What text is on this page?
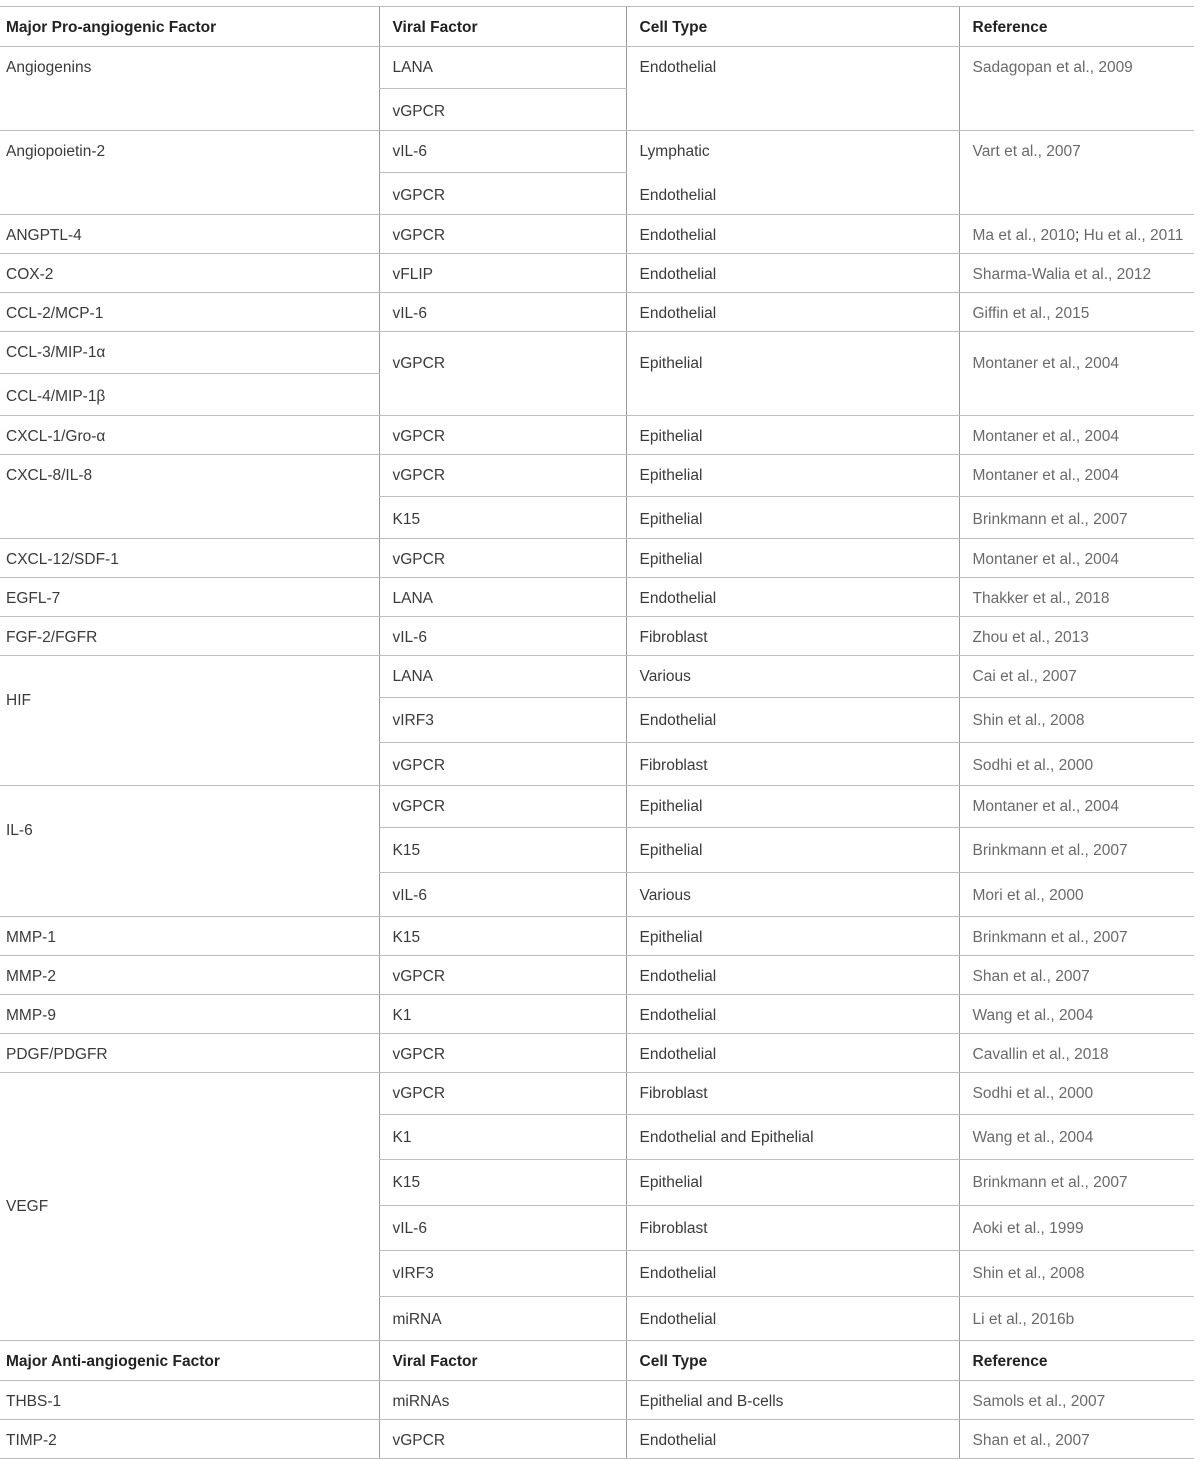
Major Pro-angiogenic Factor	Viral Factor	Cell Type	Reference
Angiogenins	LANA	Endothelial	Sadagopan et al., 2009
	vGPCR		
Angiopoietin-2	vIL-6	Lymphatic	Vart et al., 2007
	vGPCR	Endothelial	
ANGPTL-4	vGPCR	Endothelial	Ma et al., 2010; Hu et al., 2011
COX-2	vFLIP	Endothelial	Sharma-Walia et al., 2012
CCL-2/MCP-1	vIL-6	Endothelial	Giffin et al., 2015
CCL-3/MIP-1α	vGPCR	Epithelial	Montaner et al., 2004
CCL-4/MIP-1β			
CXCL-1/Gro-α	vGPCR	Epithelial	Montaner et al., 2004
CXCL-8/IL-8	vGPCR	Epithelial	Montaner et al., 2004
	K15	Epithelial	Brinkmann et al., 2007
CXCL-12/SDF-1	vGPCR	Epithelial	Montaner et al., 2004
EGFL-7	LANA	Endothelial	Thakker et al., 2018
FGF-2/FGFR	vIL-6	Fibroblast	Zhou et al., 2013
HIF	LANA	Various	Cai et al., 2007
	vIRF3	Endothelial	Shin et al., 2008
	vGPCR	Fibroblast	Sodhi et al., 2000
IL-6	vGPCR	Epithelial	Montaner et al., 2004
	K15	Epithelial	Brinkmann et al., 2007
	vIL-6	Various	Mori et al., 2000
MMP-1	K15	Epithelial	Brinkmann et al., 2007
MMP-2	vGPCR	Endothelial	Shan et al., 2007
MMP-9	K1	Endothelial	Wang et al., 2004
PDGF/PDGFR	vGPCR	Endothelial	Cavallin et al., 2018
VEGF	vGPCR	Fibroblast	Sodhi et al., 2000
	K1	Endothelial and Epithelial	Wang et al., 2004
	K15	Epithelial	Brinkmann et al., 2007
	vIL-6	Fibroblast	Aoki et al., 1999
	vIRF3	Endothelial	Shin et al., 2008
	miRNA	Endothelial	Li et al., 2016b
Major Anti-angiogenic Factor	Viral Factor	Cell Type	Reference
THBS-1	miRNAs	Epithelial and B-cells	Samols et al., 2007
TIMP-2	vGPCR	Endothelial	Shan et al., 2007
